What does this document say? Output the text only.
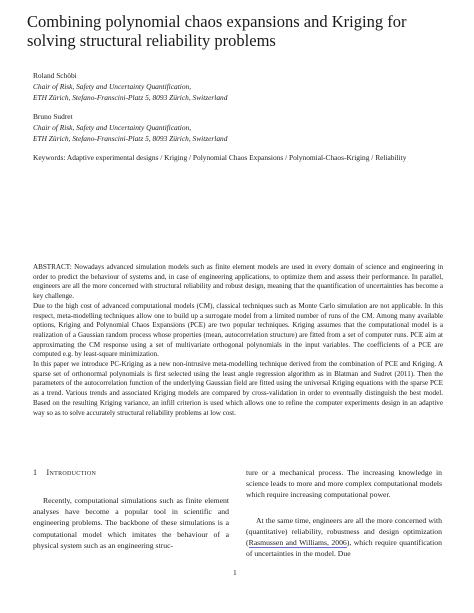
Combining polynomial chaos expansions and Kriging for solving structural reliability problems
Roland Schöbi
Chair of Risk, Safety and Uncertainty Quantification,
ETH Zürich, Stefano-Franscini-Platz 5, 8093 Zürich, Switzerland
Bruno Sudret
Chair of Risk, Safety and Uncertainty Quantification,
ETH Zürich, Stefano-Franscini-Platz 5, 8093 Zürich, Switzerland
Keywords: Adaptive experimental designs / Kriging / Polynomial Chaos Expansions / Polynomial-Chaos-Kriging / Reliability

ABSTRACT: Nowadays advanced simulation models such as finite element models are used in every domain of science and engineering in order to predict the behaviour of systems and, in case of engineering applications, to optimize them and assess their performance. In parallel, engineers are all the more concerned with structural reliability and robust design, meaning that the quantification of uncertainties has become a key challenge.

Due to the high cost of advanced computational models (CM), classical techniques such as Monte Carlo simulation are not applicable. In this respect, meta-modelling techniques allow one to build up a surrogate model from a limited number of runs of the CM. Among many available options, Kriging and Polynomial Chaos Expansions (PCE) are two popular techniques. Kriging assumes that the computational model is a realization of a Gaussian random process whose properties (mean, autocorrelation structure) are fitted from a set of computer runs. PCE aim at approximating the CM response using a set of multivariate orthogonal polynomials in the input variables. The coefficients of a PCE are computed e.g. by least-square minimization.

In this paper we introduce PC-Kriging as a new non-intrusive meta-modelling technique derived from the combination of PCE and Kriging. A sparse set of orthonormal polynomials is first selected using the least angle regression algorithm as in Blatman and Sudret (2011). Then the parameters of the autocorrelation function of the underlying Gaussian field are fitted using the universal Kriging equations with the sparse PCE as a trend. Various trends and associated Kriging models are compared by cross-validation in order to eventually distinguish the best model. Based on the resulting Kriging variance, an infill criterion is used which allows one to refine the computer experiments design in an adaptive way so as to solve accurately structural reliability problems at low cost.

1 Introduction

Recently, computational simulations such as finite element analyses have become a popular tool in scientific and engineering problems. The backbone of these simulations is a computational model which imitates the behaviour of a physical system such as an engineering struc-

ture or a mechanical process. The increasing knowledge in science leads to more and more complex computational models which require increasing computational power.

At the same time, engineers are all the more concerned with (quantitative) reliability, robustness and design optimization (Rasmussen and Williams, 2006), which require quantification of uncertainties in the model. Due

1
